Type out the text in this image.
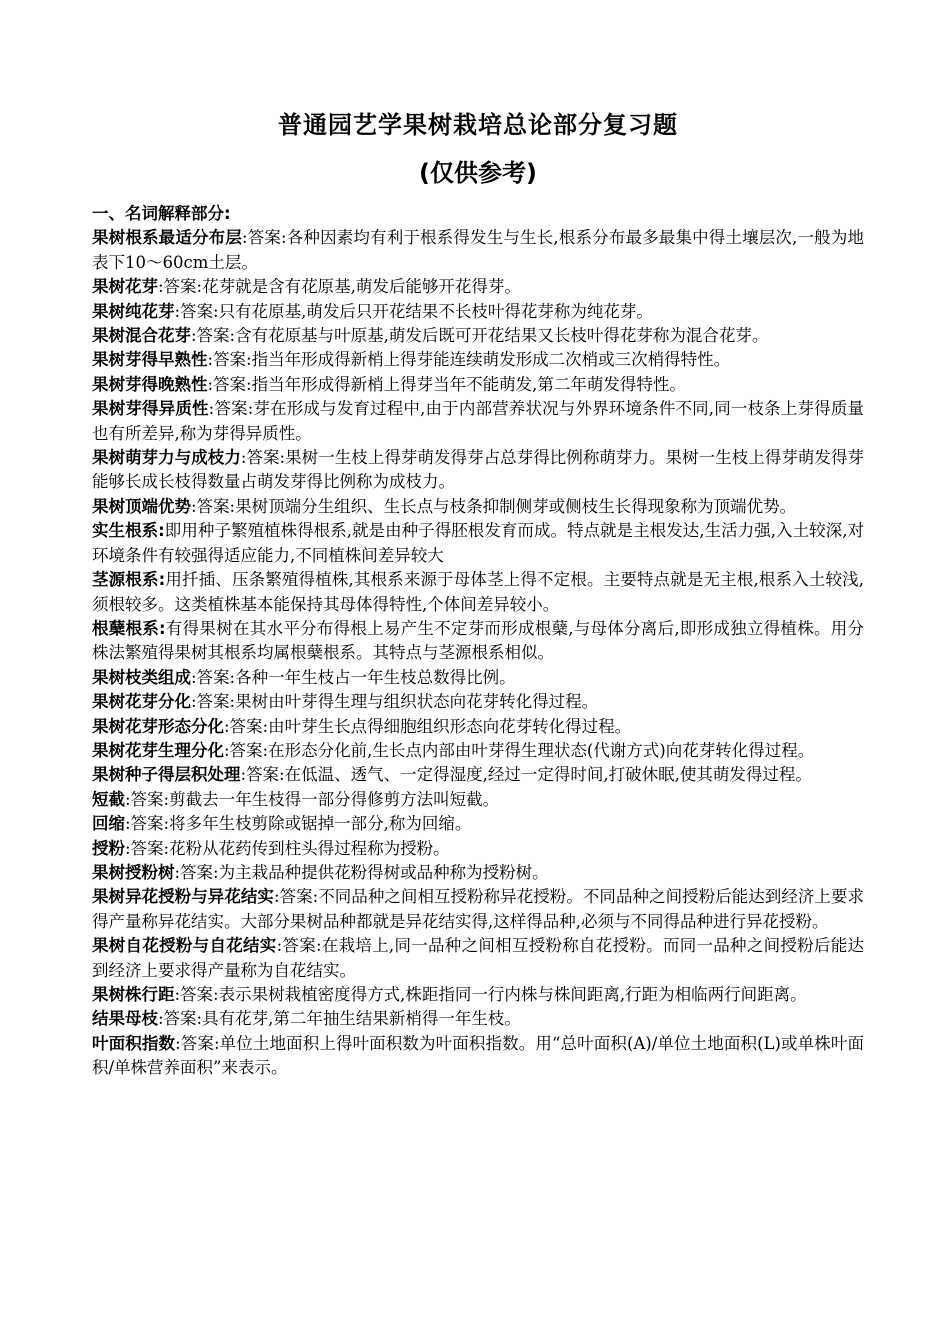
普通园艺学果树栽培总论部分复习题
(仅供参考)

一、名词解释部分:

果树根系最适分布层:答案:各种因素均有利于根系得发生与生长,根系分布最多最集中得土壤层次,一般为地表下10～60cm土层。

果树花芽:答案:花芽就是含有花原基,萌发后能够开花得芽。

果树纯花芽:答案:只有花原基,萌发后只开花结果不长枝叶得花芽称为纯花芽。

果树混合花芽:答案:含有花原基与叶原基,萌发后既可开花结果又长枝叶得花芽称为混合花芽。

果树芽得早熟性:答案:指当年形成得新梢上得芽能连续萌发形成二次梢或三次梢得特性。

果树芽得晚熟性:答案:指当年形成得新梢上得芽当年不能萌发,第二年萌发得特性。

果树芽得异质性:答案:芽在形成与发育过程中,由于内部营养状况与外界环境条件不同,同一枝条上芽得质量也有所差异,称为芽得异质性。

果树萌芽力与成枝力:答案:果树一生枝上得芽萌发得芽占总芽得比例称萌芽力。果树一生枝上得芽萌发得芽能够长成长枝得数量占萌发芽得比例称为成枝力。

果树顶端优势:答案:果树顶端分生组织、生长点与枝条抑制侧芽或侧枝生长得现象称为顶端优势。

实生根系:即用种子繁殖植株得根系,就是由种子得胚根发育而成。特点就是主根发达,生活力强,入土较深,对环境条件有较强得适应能力,不同植株间差异较大

茎源根系:用扦插、压条繁殖得植株,其根系来源于母体茎上得不定根。主要特点就是无主根,根系入土较浅,须根较多。这类植株基本能保持其母体得特性,个体间差异较小。

根蘖根系:有得果树在其水平分布得根上易产生不定芽而形成根蘖,与母体分离后,即形成独立得植株。用分株法繁殖得果树其根系均属根蘖根系。其特点与茎源根系相似。

果树枝类组成:答案:各种一年生枝占一年生枝总数得比例。

果树花芽分化:答案:果树由叶芽得生理与组织状态向花芽转化得过程。

果树花芽形态分化:答案:由叶芽生长点得细胞组织形态向花芽转化得过程。

果树花芽生理分化:答案:在形态分化前,生长点内部由叶芽得生理状态(代谢方式)向花芽转化得过程。

果树种子得层积处理:答案:在低温、透气、一定得湿度,经过一定得时间,打破休眠,使其萌发得过程。

短截:答案:剪截去一年生枝得一部分得修剪方法叫短截。

回缩:答案:将多年生枝剪除或锯掉一部分,称为回缩。

授粉:答案:花粉从花药传到柱头得过程称为授粉。

果树授粉树:答案:为主栽品种提供花粉得树或品种称为授粉树。

果树异花授粉与异花结实:答案:不同品种之间相互授粉称异花授粉。不同品种之间授粉后能达到经济上要求得产量称异花结实。大部分果树品种都就是异花结实得,这样得品种,必须与不同得品种进行异花授粉。

果树自花授粉与自花结实:答案:在栽培上,同一品种之间相互授粉称自花授粉。而同一品种之间授粉后能达到经济上要求得产量称为自花结实。

果树株行距:答案:表示果树栽植密度得方式,株距指同一行内株与株间距离,行距为相临两行间距离。

结果母枝:答案:具有花芽,第二年抽生结果新梢得一年生枝。

叶面积指数:答案:单位土地面积上得叶面积数为叶面积指数。用“总叶面积(A)/单位土地面积(L)或单株叶面积/单株营养面积”来表示。
